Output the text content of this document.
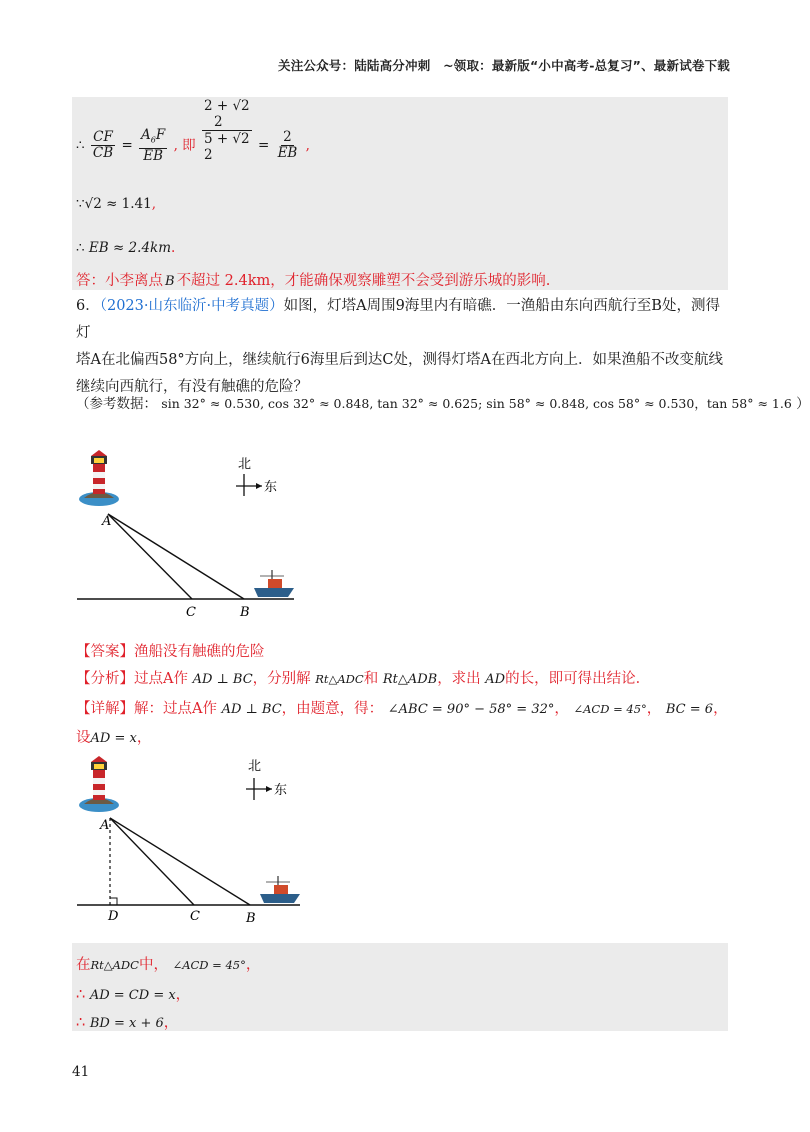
关注公众号：陆陆高分冲刺　~领取：最新版“小中高考-总复习”、最新试卷下载
∴ $\frac{CF}{CB} = \frac{A_6F}{EB}$ , 即
2 + √2
2
5 + √2
2
= $\frac{2}{EB}$ ,
∵√2 ≈ 1.41,
∴ EB ≈ 2.4km.
答：小李离点 B 不超过 2.4km，才能确保观察雕塑不会受到游乐城的影响.
6．（2023·山东临沂·中考真题）如图，灯塔A周围9海里内有暗礁．一渔船由东向西航行至B处，测得灯
塔A在北偏西58°方向上，继续航行6海里后到达C处，测得灯塔A在西北方向上．如果渔船不改变航线
继续向西航行，有没有触礁的危险？
（参考数据： sin 32° ≈ 0.530, cos 32° ≈ 0.848, tan 32° ≈ 0.625; sin 58° ≈ 0.848, cos 58° ≈ 0.530，tan 58° ≈ 1.6 ）
A
C	B
北
东
【答案】渔船没有触礁的危险
【分析】过点A作 AD ⊥ BC，分别解 Rt△ADC和 Rt△ADB，求出 AD的长，即可得出结论．
【详解】解：过点A作 AD ⊥ BC，由题意，得： ∠ABC = 90° − 58° = 32°， ∠ACD = 45°， BC = 6，
设AD = x，
A
D	C	B
北
东
在Rt△ADC中， ∠ACD = 45°，
∴ AD = CD = x，
∴ BD = x + 6，
41
